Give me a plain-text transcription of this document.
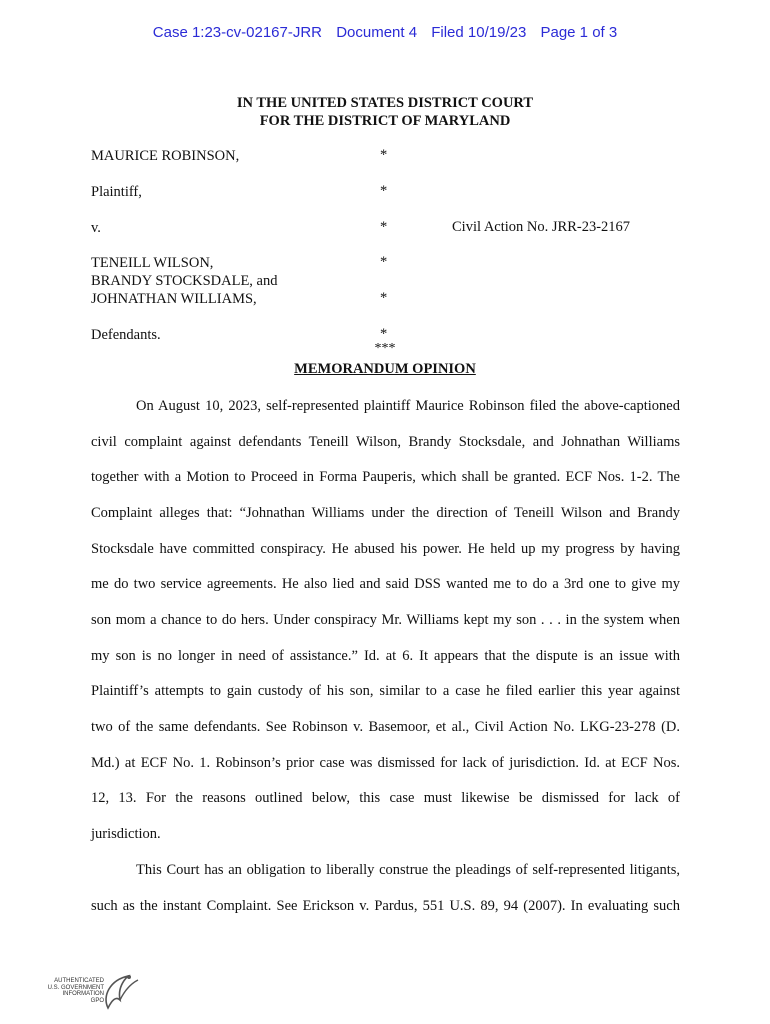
Case 1:23-cv-02167-JRR Document 4 Filed 10/19/23 Page 1 of 3
IN THE UNITED STATES DISTRICT COURT
FOR THE DISTRICT OF MARYLAND
MAURICE ROBINSON,
Plaintiff,
v.
TENEILL WILSON,
BRANDY STOCKSDALE, and
JOHNATHAN WILLIAMS,
Defendants.
*
*
*
*
*
*
Civil Action No. JRR-23-2167
***
MEMORANDUM OPINION
On August 10, 2023, self-represented plaintiff Maurice Robinson filed the above-captioned
civil complaint against defendants Teneill Wilson, Brandy Stocksdale, and Johnathan Williams
together with a Motion to Proceed in Forma Pauperis, which shall be granted. ECF Nos. 1-2. The
Complaint alleges that: “Johnathan Williams under the direction of Teneill Wilson and Brandy
Stocksdale have committed conspiracy. He abused his power. He held up my progress by having
me do two service agreements. He also lied and said DSS wanted me to do a 3rd one to give my
son mom a chance to do hers. Under conspiracy Mr. Williams kept my son . . . in the system when
my son is no longer in need of assistance.” Id. at 6. It appears that the dispute is an issue with
Plaintiff’s attempts to gain custody of his son, similar to a case he filed earlier this year against
two of the same defendants. See Robinson v. Basemoor, et al., Civil Action No. LKG-23-278 (D.
Md.) at ECF No. 1. Robinson’s prior case was dismissed for lack of jurisdiction. Id. at ECF Nos.
12, 13. For the reasons outlined below, this case must likewise be dismissed for lack of
jurisdiction.
This Court has an obligation to liberally construe the pleadings of self-represented litigants,
such as the instant Complaint. See Erickson v. Pardus, 551 U.S. 89, 94 (2007). In evaluating such
AUTHENTICATED
U.S. GOVERNMENT
INFORMATION
GPO
